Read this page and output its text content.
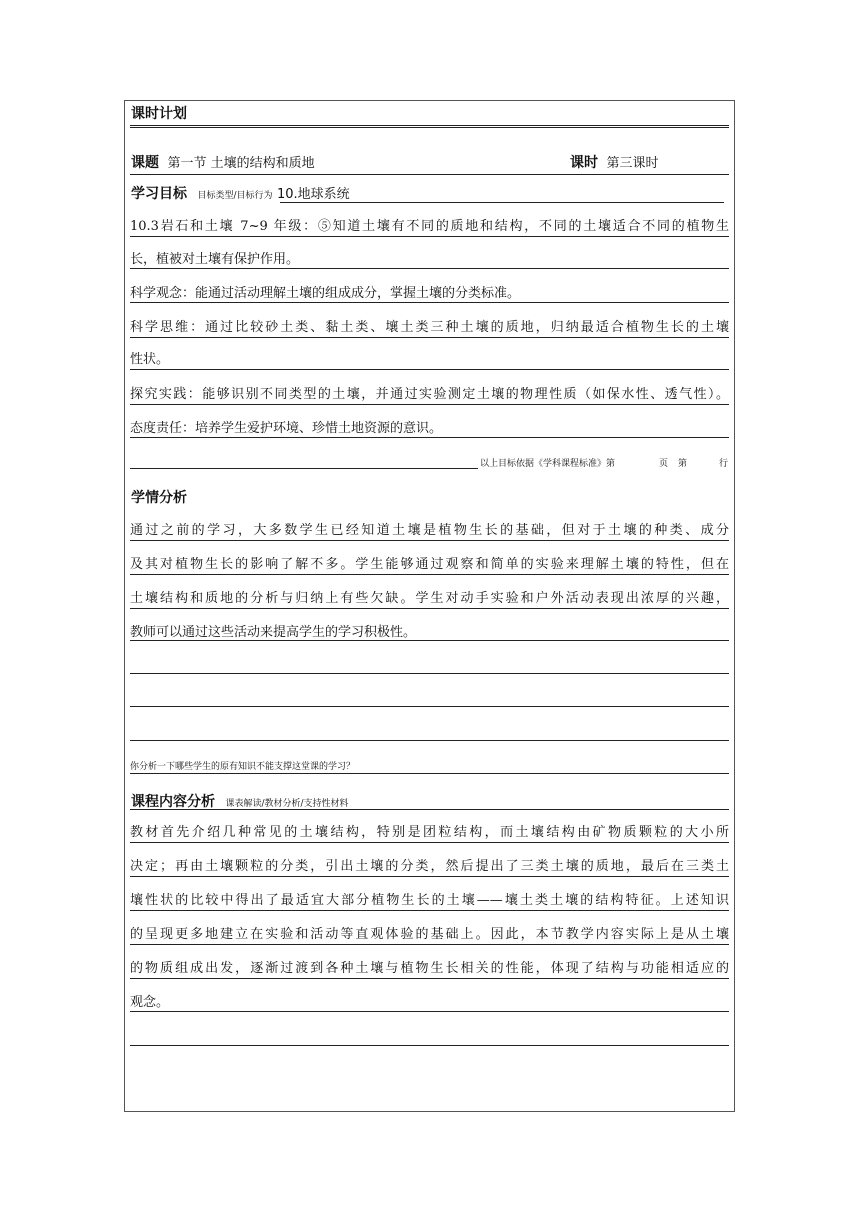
课时计划
课题 第一节 土壤的结构和质地	课时 第三课时
学习目标 目标类型/目标行为 10.地球系统
10.3岩石和土壤 7~9 年级：⑤知道土壤有不同的质地和结构，不同的土壤适合不同的植物生
长，植被对土壤有保护作用。
科学观念：能通过活动理解土壤的组成成分，掌握土壤的分类标准。
科学思维：通过比较砂土类、黏土类、壤土类三种土壤的质地，归纳最适合植物生长的土壤
性状。
探究实践：能够识别不同类型的土壤，并通过实验测定土壤的物理性质（如保水性、透气性）。
态度责任：培养学生爱护环境、珍惜土地资源的意识。
以上目标依据《学科课程标准》第	页 第	行
学情分析
通过之前的学习，大多数学生已经知道土壤是植物生长的基础，但对于土壤的种类、成分
及其对植物生长的影响了解不多。学生能够通过观察和简单的实验来理解土壤的特性，但在
土壤结构和质地的分析与归纳上有些欠缺。学生对动手实验和户外活动表现出浓厚的兴趣，
教师可以通过这些活动来提高学生的学习积极性。
你分析一下哪些学生的原有知识不能支撑这堂课的学习？
课程内容分析 课表解读/教材分析/支持性材料
教材首先介绍几种常见的土壤结构，特别是团粒结构，而土壤结构由矿物质颗粒的大小所
决定；再由土壤颗粒的分类，引出土壤的分类，然后提出了三类土壤的质地，最后在三类土
壤性状的比较中得出了最适宜大部分植物生长的土壤——壤土类土壤的结构特征。上述知识
的呈现更多地建立在实验和活动等直观体验的基础上。因此，本节教学内容实际上是从土壤
的物质组成出发，逐渐过渡到各种土壤与植物生长相关的性能，体现了结构与功能相适应的
观念。
